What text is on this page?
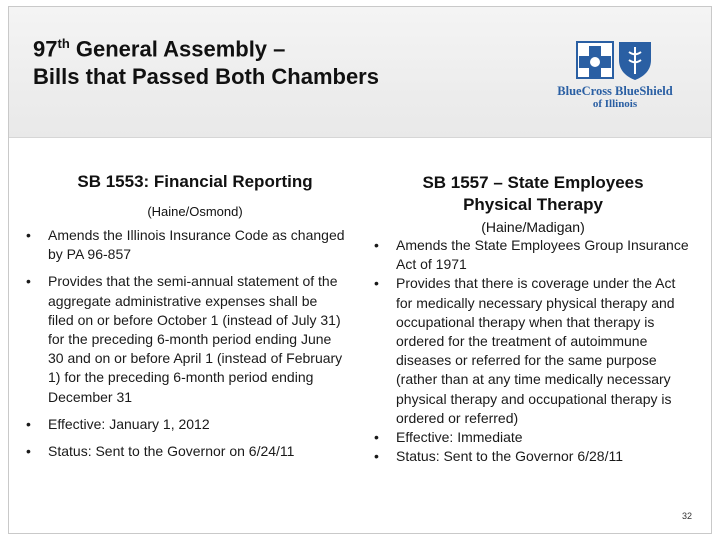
97th General Assembly –
Bills that Passed Both Chambers
BlueCross BlueShield
of Illinois
SB 1553: Financial Reporting
(Haine/Osmond)
• Amends the Illinois Insurance Code as changed by PA 96-857
• Provides that the semi-annual statement of the aggregate administrative expenses shall be filed on or before October 1 (instead of July 31) for the preceding 6-month period ending June 30 and on or before April 1 (instead of February 1) for the preceding 6-month period ending December 31
• Effective: January 1, 2012
• Status: Sent to the Governor on 6/24/11
SB 1557 – State Employees
Physical Therapy
(Haine/Madigan)
• Amends the State Employees Group Insurance Act of 1971
• Provides that there is coverage under the Act for medically necessary physical therapy and occupational therapy when that therapy is ordered for the treatment of autoimmune diseases or referred for the same purpose (rather than at any time medically necessary physical therapy and occupational therapy is ordered or referred)
• Effective: Immediate
• Status: Sent to the Governor 6/28/11
32
